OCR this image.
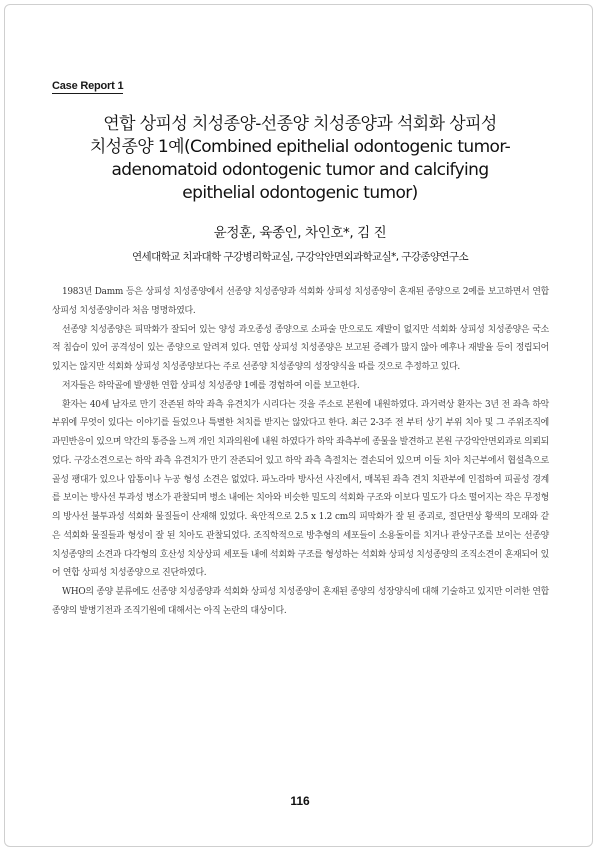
Case Report 1
연합 상피성 치성종양-선종양 치성종양과 석회화 상피성
치성종양 1예(Combined epithelial odontogenic tumor-
adenomatoid odontogenic tumor and calcifying
epithelial odontogenic tumor)
윤정훈, 육종인, 차인호*, 김 진
연세대학교 치과대학 구강병리학교실, 구강악안면외과학교실*, 구강종양연구소

1983년 Damm 등은 상피성 치성종양에서 선종양 치성종양과 석회화 상피성 치성종양이 혼재된 종양으로 2예를 보고하면서 연합 상피성 치성종양이라 처음 명명하였다.

선종양 치성종양은 피막화가 잘되어 있는 양성 과오종성 종양으로 소파술 만으로도 재발이 없지만 석회화 상피성 치성종양은 국소적 침습이 있어 공격성이 있는 종양으로 알려져 있다. 연합 상피성 치성종양은 보고된 증례가 많지 않아 예후나 재발율 등이 정립되어 있지는 않지만 석회화 상피성 치성종양보다는 주로 선종양 치성종양의 성장양식을 따를 것으로 추정하고 있다.

저자들은 하악골에 발생한 연합 상피성 치성종양 1예를 경험하여 이를 보고한다.

환자는 40세 남자로 만기 잔존된 하악 좌측 유견치가 시리다는 것을 주소로 본원에 내원하였다. 과거력상 환자는 3년 전 좌측 하악 부위에 무엇이 있다는 이야기를 들었으나 특별한 처치를 받지는 않았다고 한다. 최근 2-3주 전 부터 상기 부위 치아 및 그 주위조직에 과민반응이 있으며 약간의 통증을 느껴 개인 치과의원에 내원 하였다가 하악 좌측부에 종물을 발견하고 본원 구강악안면외과로 의뢰되었다. 구강소견으로는 하악 좌측 유견치가 만기 잔존되어 있고 하악 좌측 측절치는 결손되어 있으며 이들 치아 치근부에서 협설측으로 골성 팽대가 있으나 압통이나 누공 형성 소견은 없었다. 파노라마 방사선 사진에서, 매복된 좌측 견치 치관부에 인접하여 피골성 경계를 보이는 방사선 투과성 병소가 관찰되며 병소 내에는 치아와 비슷한 밀도의 석회화 구조와 이보다 밀도가 다소 떨어지는 작은 무정형의 방사선 불투과성 석회화 물질들이 산재해 있었다. 육안적으로 2.5 x 1.2 cm의 피막화가 잘 된 종괴로, 절단면상 황색의 모래와 같은 석회화 물질들과 형성이 잘 된 치아도 관찰되었다. 조직학적으로 방추형의 세포들이 소용돌이를 치거나 관상구조를 보이는 선종양 치성종양의 소견과 다각형의 호산성 치상상피 세포들 내에 석회화 구조를 형성하는 석회화 상피성 치성종양의 조직소견이 혼재되어 있어 연합 상피성 치성종양으로 진단하였다.

WHO의 종양 분류에도 선종양 치성종양과 석회화 상피성 치성종양이 혼재된 종양의 성장양식에 대해 기술하고 있지만 이러한 연합 종양의 발병기전과 조직기원에 대해서는 아직 논란의 대상이다.

116
